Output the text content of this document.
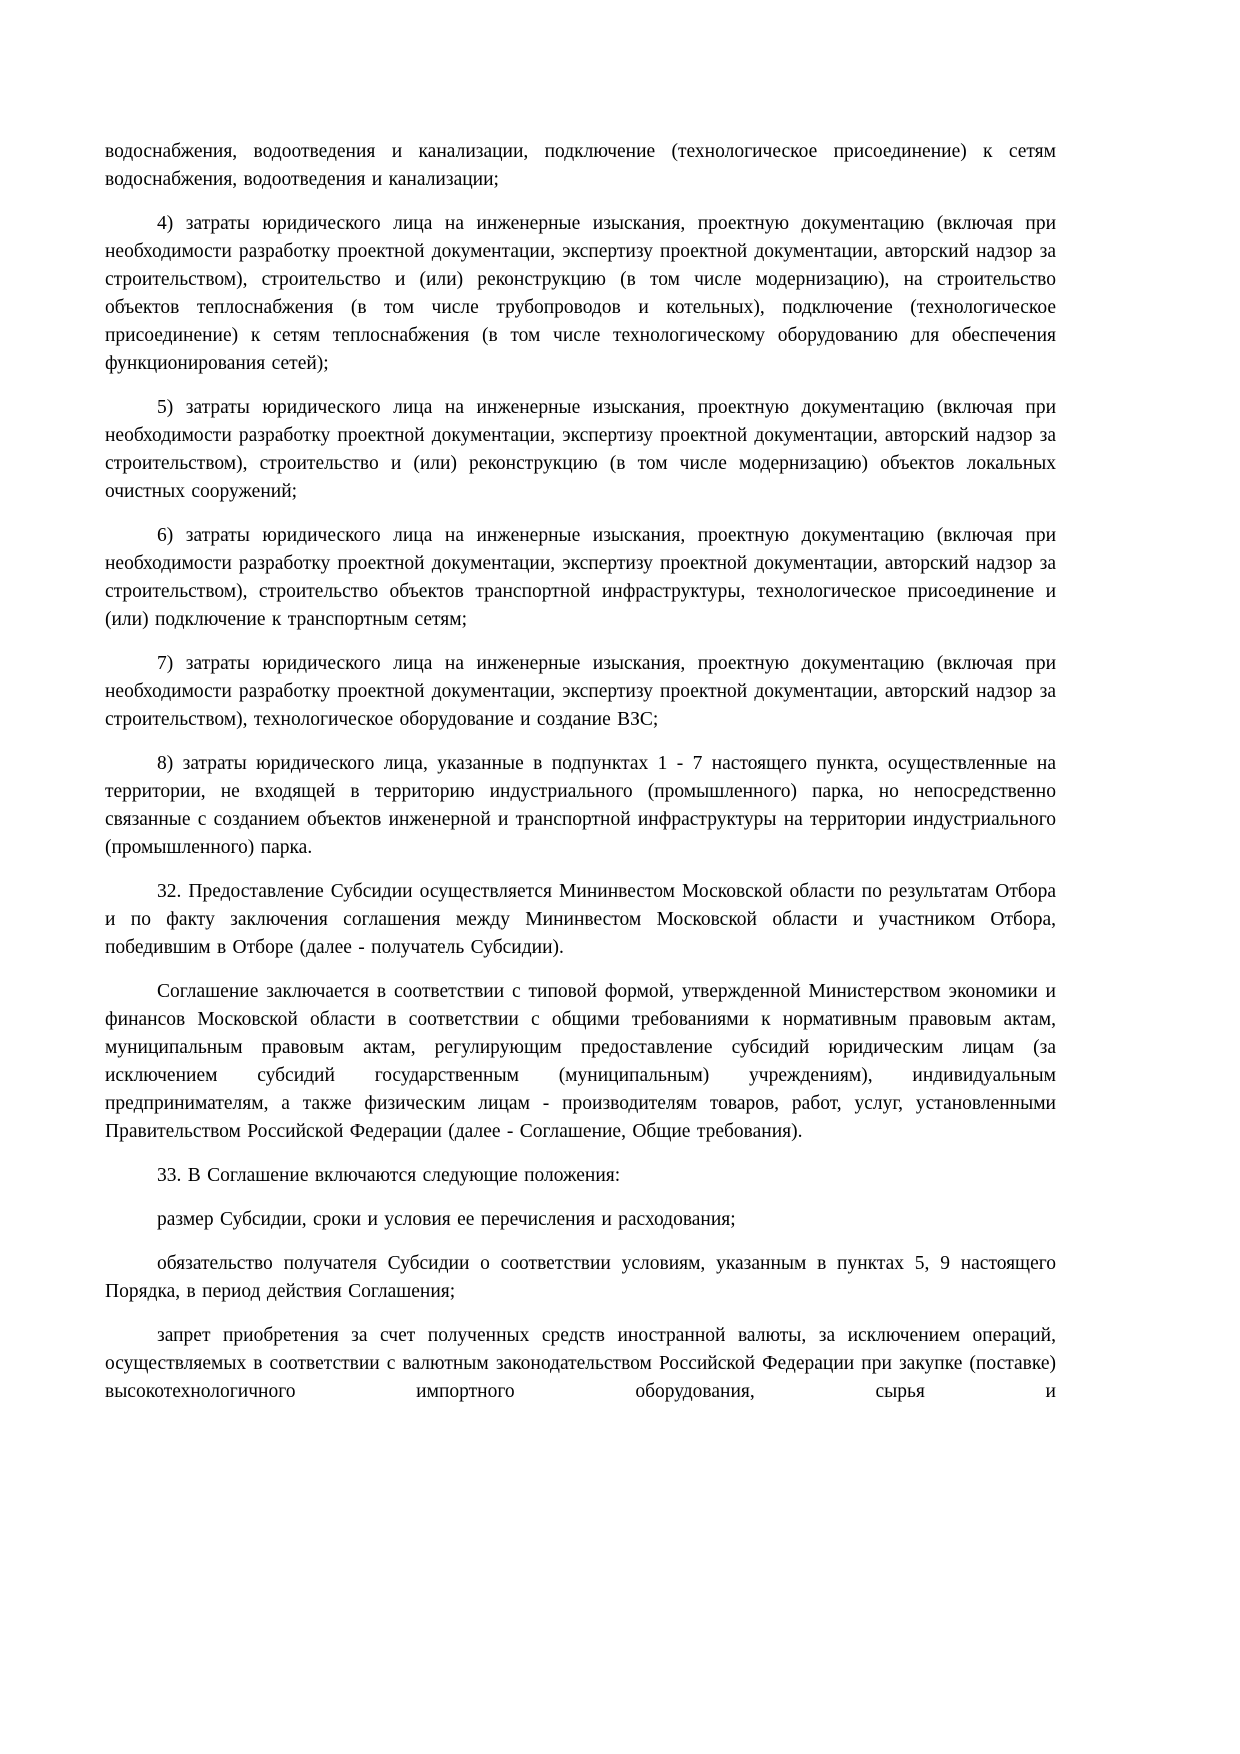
водоснабжения, водоотведения и канализации, подключение (технологическое присоединение) к сетям водоснабжения, водоотведения и канализации;

4) затраты юридического лица на инженерные изыскания, проектную документацию (включая при необходимости разработку проектной документации, экспертизу проектной документации, авторский надзор за строительством), строительство и (или) реконструкцию (в том числе модернизацию), на строительство объектов теплоснабжения (в том числе трубопроводов и котельных), подключение (технологическое присоединение) к сетям теплоснабжения (в том числе технологическому оборудованию для обеспечения функционирования сетей);

5) затраты юридического лица на инженерные изыскания, проектную документацию (включая при необходимости разработку проектной документации, экспертизу проектной документации, авторский надзор за строительством), строительство и (или) реконструкцию (в том числе модернизацию) объектов локальных очистных сооружений;

6) затраты юридического лица на инженерные изыскания, проектную документацию (включая при необходимости разработку проектной документации, экспертизу проектной документации, авторский надзор за строительством), строительство объектов транспортной инфраструктуры, технологическое присоединение и (или) подключение к транспортным сетям;

7) затраты юридического лица на инженерные изыскания, проектную документацию (включая при необходимости разработку проектной документации, экспертизу проектной документации, авторский надзор за строительством), технологическое оборудование и создание ВЗС;

8) затраты юридического лица, указанные в подпунктах 1 - 7 настоящего пункта, осуществленные на территории, не входящей в территорию индустриального (промышленного) парка, но непосредственно связанные с созданием объектов инженерной и транспортной инфраструктуры на территории индустриального (промышленного) парка.

32. Предоставление Субсидии осуществляется Мининвестом Московской области по результатам Отбора и по факту заключения соглашения между Мининвестом Московской области и участником Отбора, победившим в Отборе (далее - получатель Субсидии).

Соглашение заключается в соответствии с типовой формой, утвержденной Министерством экономики и финансов Московской области в соответствии с общими требованиями к нормативным правовым актам, муниципальным правовым актам, регулирующим предоставление субсидий юридическим лицам (за исключением субсидий государственным (муниципальным) учреждениям), индивидуальным предпринимателям, а также физическим лицам - производителям товаров, работ, услуг, установленными Правительством Российской Федерации (далее - Соглашение, Общие требования).

33. В Соглашение включаются следующие положения:

размер Субсидии, сроки и условия ее перечисления и расходования;

обязательство получателя Субсидии о соответствии условиям, указанным в пунктах 5, 9 настоящего Порядка, в период действия Соглашения;

запрет приобретения за счет полученных средств иностранной валюты, за исключением операций, осуществляемых в соответствии с валютным законодательством Российской Федерации при закупке (поставке) высокотехнологичного импортного оборудования, сырья и
